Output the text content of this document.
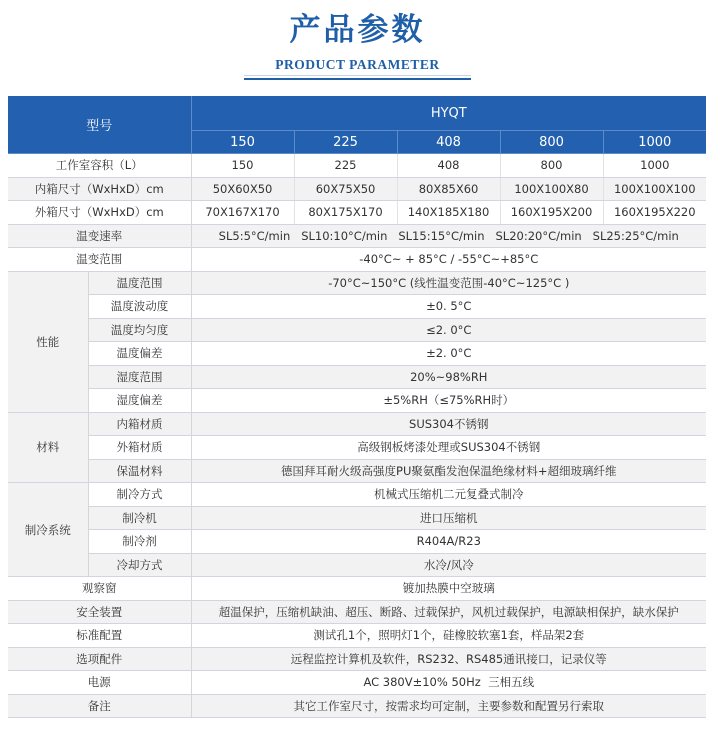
产品参数
PRODUCT PARAMETER
型号		HYQT				
		150	225	408	800	1000
工作室容积（L）		150	225	408	800	1000
内箱尺寸（WxHxD）cm		50X60X50	60X75X50	80X85X60	100X100X80	100X100X100
外箱尺寸（WxHxD）cm		70X167X170	80X175X170	140X185X180	160X195X200	160X195X220
温变速率		SL5:5°C/min   SL10:10°C/min   SL15:15°C/min   SL20:20°C/min   SL25:25°C/min				
温变范围		-40°C~ + 85°C / -55°C~+85°C				
性能	温度范围	-70°C~150°C (线性温变范围-40°C~125°C )				
	温度波动度	±0. 5°C				
	温度均匀度	≤2. 0°C				
	温度偏差	±2. 0°C				
	湿度范围	20%~98%RH				
	湿度偏差	±5%RH（≤75%RH时）				
材料	内箱材质	SUS304不锈钢				
	外箱材质	高级钢板烤漆处理或SUS304不锈钢				
	保温材料	德国拜耳耐火级高强度PU聚氨酯发泡保温绝缘材料+超细玻璃纤维				
制冷系统	制冷方式	机械式压缩机二元复叠式制冷				
	制冷机	进口压缩机				
	制冷剂	R404A/R23				
	冷却方式	水冷/风冷				
观察窗		镀加热膜中空玻璃				
安全装置		超温保护，压缩机缺油、超压、断路、过载保护，风机过载保护，电源缺相保护，缺水保护				
标准配置		测试孔1个，照明灯1个，硅橡胶软塞1套，样品架2套				
选项配件		远程监控计算机及软件，RS232、RS485通讯接口，记录仪等				
电源		AC 380V±10% 50Hz  三相五线				
备注		其它工作室尺寸，按需求均可定制，主要参数和配置另行索取				
